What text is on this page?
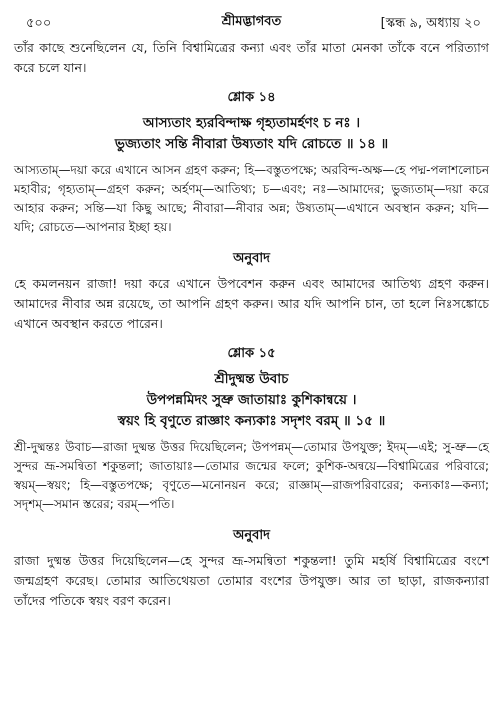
৫০০	শ্রীমদ্ভাগবত	[স্কন্ধ ৯, অধ্যায় ২০

তাঁর কাছে শুনেছিলেন যে, তিনি বিশ্বামিত্রের কন্যা এবং তাঁর মাতা মেনকা তাঁকে বনে পরিত্যাগ করে চলে যান।

শ্লোক ১৪
আস্যতাং হ্যরবিন্দাক্ষ গৃহ্যতামর্হণং চ নঃ ।
ভুজ্যতাং সন্তি নীবারা উষ্যতাং যদি রোচতে ॥ ১৪ ॥

আস্যতাম্—দয়া করে এখানে আসন গ্রহণ করুন; হি—বস্তুতপক্ষে; অরবিন্দ-অক্ষ—হে পদ্ম-পলাশলোচন মহাবীর; গৃহ্যতাম্—গ্রহণ করুন; অর্হণম্—আতিথ্য; চ—এবং; নঃ—আমাদের; ভুজ্যতাম্—দয়া করে আহার করুন; সন্তি—যা কিছু আছে; নীবারা—নীবার অন্ন; উষ্যতাম্—এখানে অবস্থান করুন; যদি—যদি; রোচতে—আপনার ইচ্ছা হয়।

অনুবাদ

হে কমলনয়ন রাজা! দয়া করে এখানে উপবেশন করুন এবং আমাদের আতিথ্য গ্রহণ করুন। আমাদের নীবার অন্ন রয়েছে, তা আপনি গ্রহণ করুন। আর যদি আপনি চান, তা হলে নিঃসঙ্কোচে এখানে অবস্থান করতে পারেন।

শ্লোক ১৫
শ্রীদুষ্মন্ত উবাচ
উপপন্নমিদং সুভ্রু জাতায়াঃ কুশিকান্বয়ে ।
স্বয়ং হি বৃণুতে রাজ্ঞাং কন্যকাঃ সদৃশং বরম্ ॥ ১৫ ॥

শ্রী-দুষ্মন্তঃ উবাচ—রাজা দুষ্মন্ত উত্তর দিয়েছিলেন; উপপন্নম্—তোমার উপযুক্ত; ইদম্—এই; সু-ভ্রু—হে সুন্দর ভ্রূ-সমন্বিতা শকুন্তলা; জাতায়াঃ—তোমার জন্মের ফলে; কুশিক-অন্বয়ে—বিশ্বামিত্রের পরিবারে; স্বয়ম্—স্বয়ং; হি—বস্তুতপক্ষে; বৃণুতে—মনোনয়ন করে; রাজ্ঞাম্—রাজপরিবারের; কন্যকাঃ—কন্যা; সদৃশম্—সমান স্তরের; বরম্—পতি।

অনুবাদ

রাজা দুষ্মন্ত উত্তর দিয়েছিলেন—হে সুন্দর ভ্রূ-সমন্বিতা শকুন্তলা! তুমি মহর্ষি বিশ্বামিত্রের বংশে জন্মগ্রহণ করেছ। তোমার আতিথেয়তা তোমার বংশের উপযুক্ত। আর তা ছাড়া, রাজকন্যারা তাঁদের পতিকে স্বয়ং বরণ করেন।
